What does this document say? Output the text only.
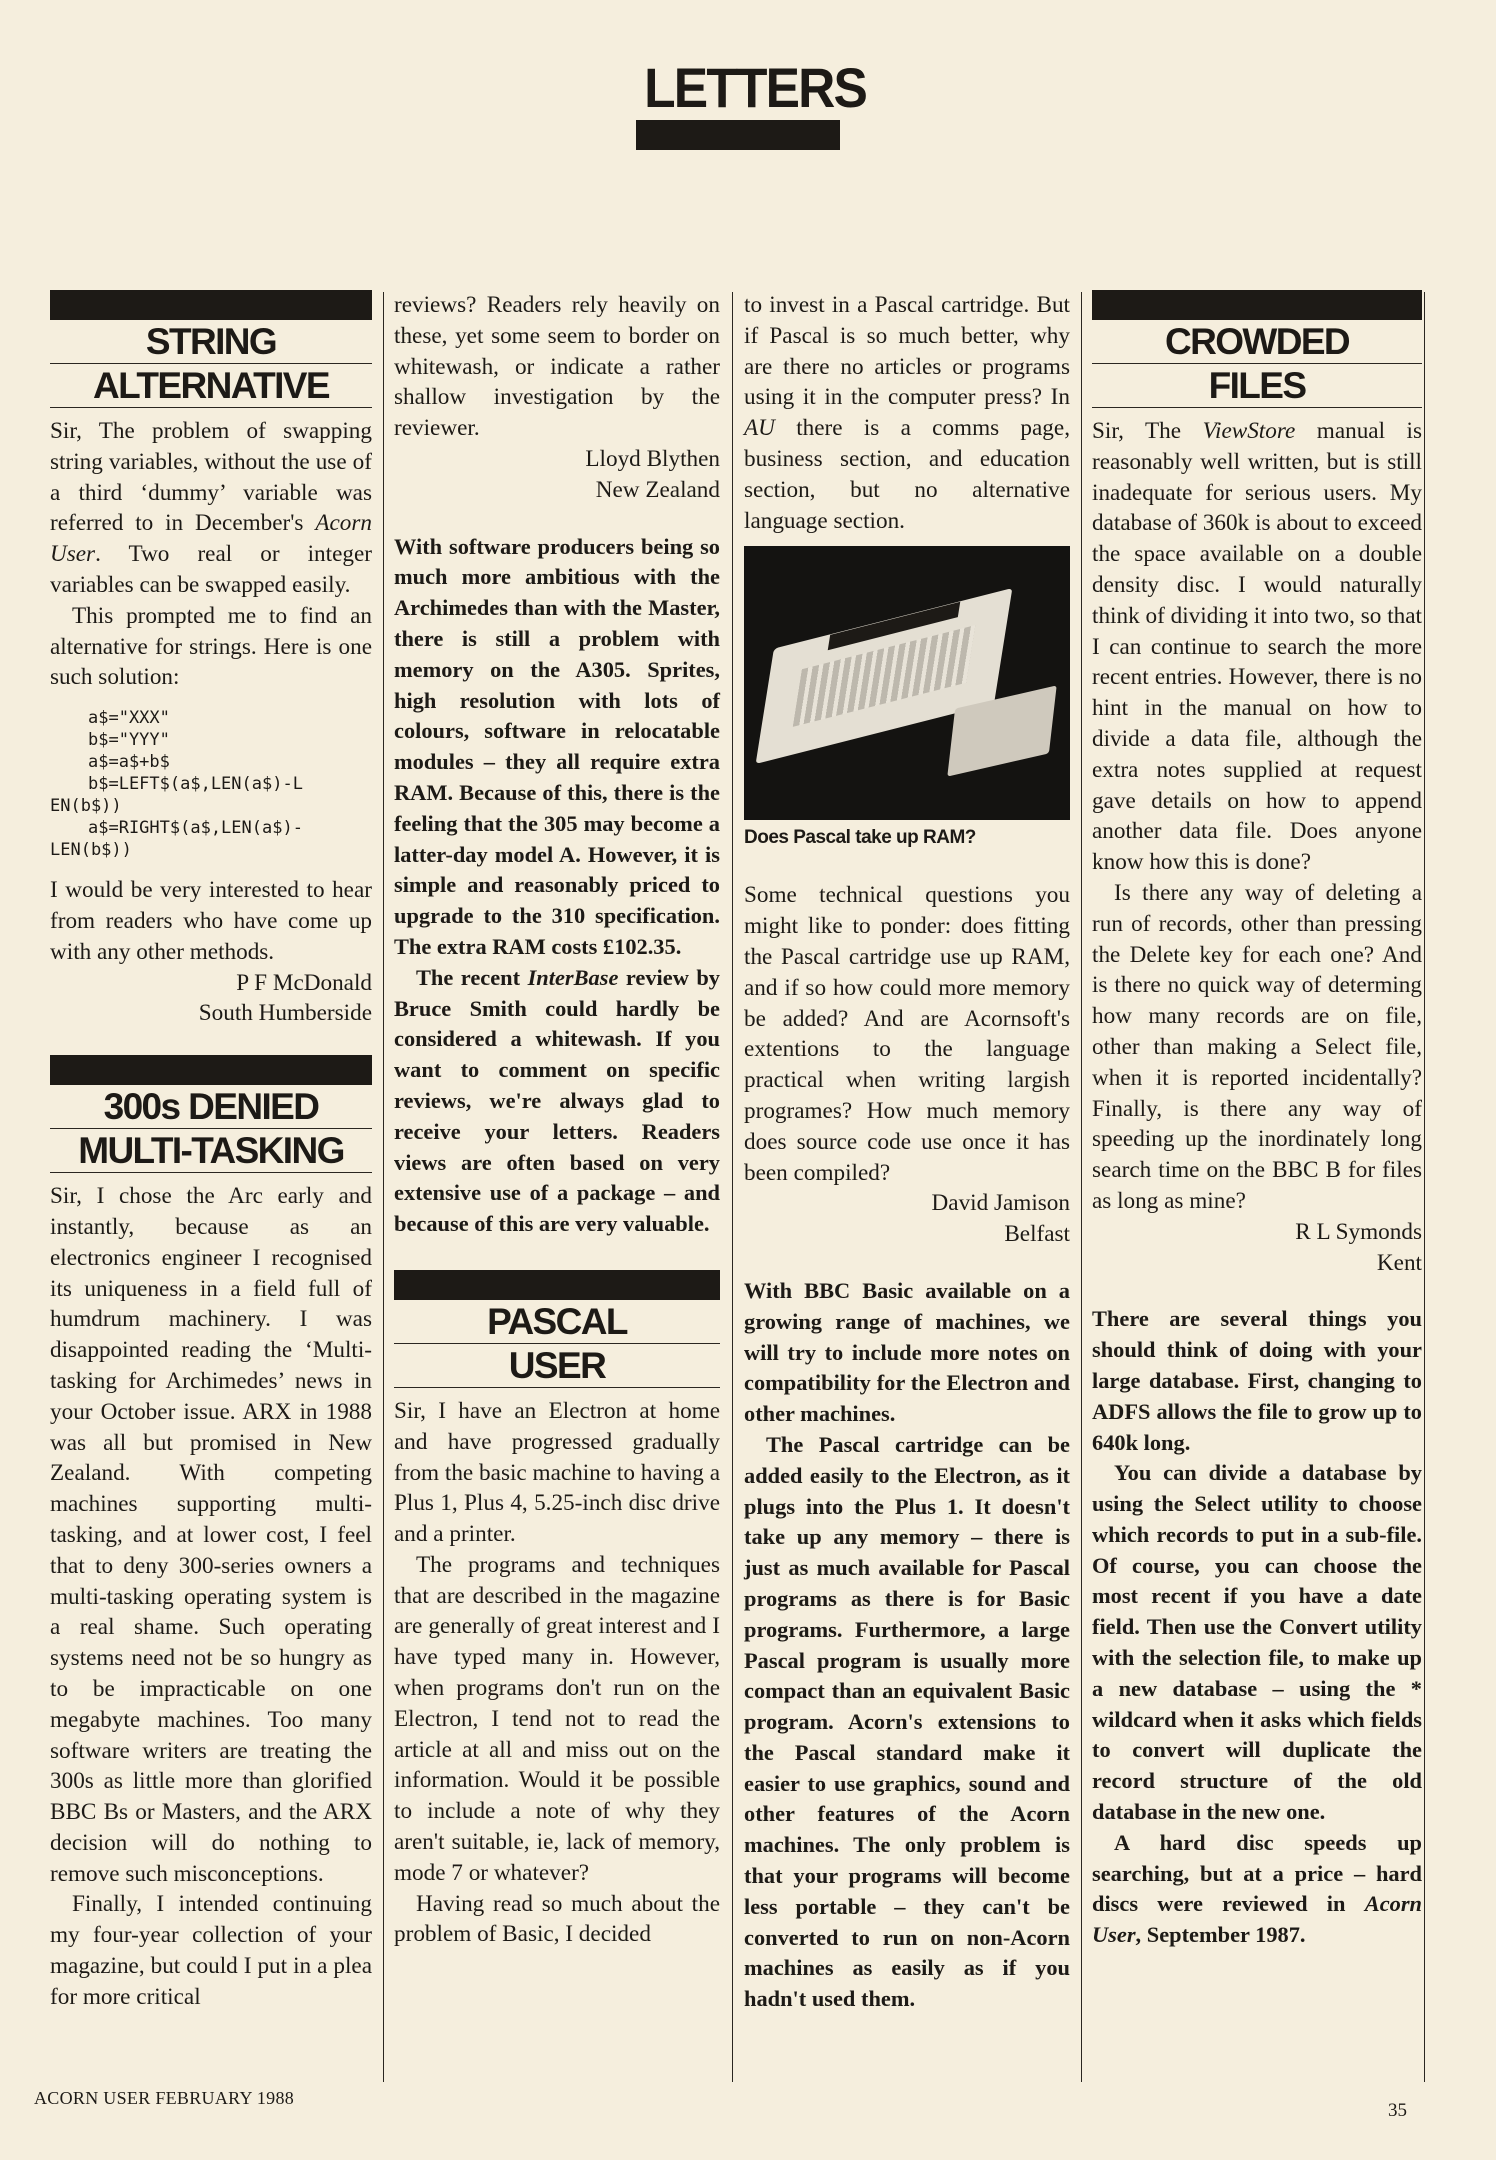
LETTERS
STRING
ALTERNATIVE

Sir, The problem of swapping string variables, without the use of a third ‘dummy’ variable was referred to in December's Acorn User. Two real or integer variables can be swapped easily.

This prompted me to find an alternative for strings. Here is one such solution:

a$="XXX"
b$="YYY"
a$=a$+b$
b$=LEFT$(a$,LEN(a$)-L
EN(b$))
a$=RIGHT$(a$,LEN(a$)-
LEN(b$))

I would be very interested to hear from readers who have come up with any other methods.

P F McDonald
South Humberside
300s DENIED
MULTI-TASKING

Sir, I chose the Arc early and instantly, because as an electronics engineer I recognised its uniqueness in a field full of humdrum machinery. I was disappointed reading the ‘Multi-tasking for Archimedes’ news in your October issue. ARX in 1988 was all but promised in New Zealand. With competing machines supporting multi-tasking, and at lower cost, I feel that to deny 300-series owners a multi-tasking operating system is a real shame. Such operating systems need not be so hungry as to be impracticable on one megabyte machines. Too many software writers are treating the 300s as little more than glorified BBC Bs or Masters, and the ARX decision will do nothing to remove such misconceptions.

Finally, I intended continuing my four-year collection of your magazine, but could I put in a plea for more critical

reviews? Readers rely heavily on these, yet some seem to border on whitewash, or indicate a rather shallow investigation by the reviewer.

Lloyd Blythen
New Zealand

With software producers being so much more ambitious with the Archimedes than with the Master, there is still a problem with memory on the A305. Sprites, high resolution with lots of colours, software in relocatable modules – they all require extra RAM. Because of this, there is the feeling that the 305 may become a latter-day model A. However, it is simple and reasonably priced to upgrade to the 310 specification. The extra RAM costs £102.35.

The recent InterBase review by Bruce Smith could hardly be considered a whitewash. If you want to comment on specific reviews, we're always glad to receive your letters. Readers views are often based on very extensive use of a package – and because of this are very valuable.

PASCAL
USER

Sir, I have an Electron at home and have progressed gradually from the basic machine to having a Plus 1, Plus 4, 5.25-inch disc drive and a printer.

The programs and techniques that are described in the magazine are generally of great interest and I have typed many in. However, when programs don't run on the Electron, I tend not to read the article at all and miss out on the information. Would it be possible to include a note of why they aren't suitable, ie, lack of memory, mode 7 or whatever?

Having read so much about the problem of Basic, I decided

to invest in a Pascal cartridge. But if Pascal is so much better, why are there no articles or programs using it in the computer press? In AU there is a comms page, business section, and education section, but no alternative language section.

Does Pascal take up RAM?

Some technical questions you might like to ponder: does fitting the Pascal cartridge use up RAM, and if so how could more memory be added? And are Acornsoft's extentions to the language practical when writing largish programes? How much memory does source code use once it has been compiled?

David Jamison
Belfast

With BBC Basic available on a growing range of machines, we will try to include more notes on compatibility for the Electron and other machines.

The Pascal cartridge can be added easily to the Electron, as it plugs into the Plus 1. It doesn't take up any memory – there is just as much available for Pascal programs as there is for Basic programs. Furthermore, a large Pascal program is usually more compact than an equivalent Basic program. Acorn's extensions to the Pascal standard make it easier to use graphics, sound and other features of the Acorn machines. The only problem is that your programs will become less portable – they can't be converted to run on non-Acorn machines as easily as if you hadn't used them.

CROWDED
FILES

Sir, The ViewStore manual is reasonably well written, but is still inadequate for serious users. My database of 360k is about to exceed the space available on a double density disc. I would naturally think of dividing it into two, so that I can continue to search the more recent entries. However, there is no hint in the manual on how to divide a data file, although the extra notes supplied at request gave details on how to append another data file. Does anyone know how this is done?

Is there any way of deleting a run of records, other than pressing the Delete key for each one? And is there no quick way of determing how many records are on file, other than making a Select file, when it is reported incidentally? Finally, is there any way of speeding up the inordinately long search time on the BBC B for files as long as mine?

R L Symonds
Kent

There are several things you should think of doing with your large database. First, changing to ADFS allows the file to grow up to 640k long.

You can divide a database by using the Select utility to choose which records to put in a sub-file. Of course, you can choose the most recent if you have a date field. Then use the Convert utility with the selection file, to make up a new database – using the * wildcard when it asks which fields to convert will duplicate the record structure of the old database in the new one.

A hard disc speeds up searching, but at a price – hard discs were reviewed in Acorn User, September 1987.

ACORN USER FEBRUARY 1988
35
